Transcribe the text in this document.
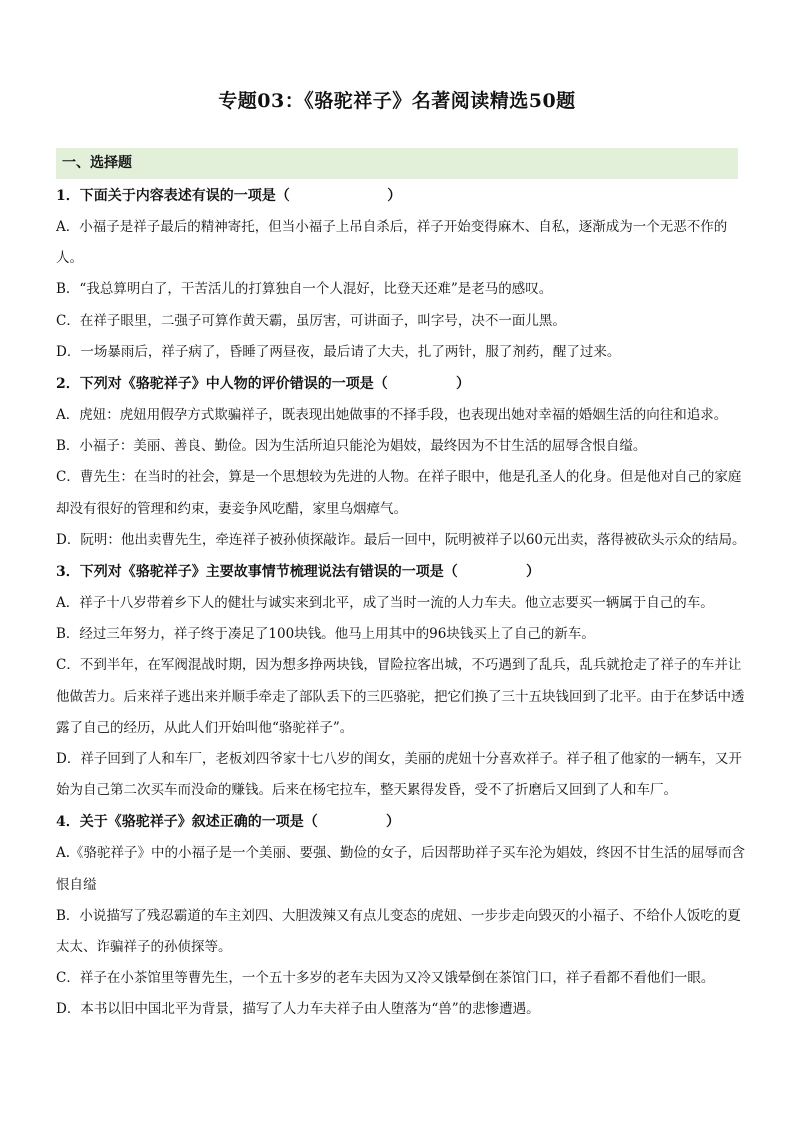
专题03：《骆驼祥子》名著阅读精选50题
一、选择题
1．下面关于内容表述有误的一项是（	）
A．小福子是祥子最后的精神寄托，但当小福子上吊自杀后，祥子开始变得麻木、自私，逐渐成为一个无恶不作的人。
B．“我总算明白了，干苦活儿的打算独自一个人混好，比登天还难”是老马的感叹。
C．在祥子眼里，二强子可算作黄天霸，虽厉害，可讲面子，叫字号，决不一面儿黑。
D．一场暴雨后，祥子病了，昏睡了两昼夜，最后请了大夫，扎了两针，服了剂药，醒了过来。
2．下列对《骆驼祥子》中人物的评价错误的一项是（	）
A．虎妞：虎妞用假孕方式欺骗祥子，既表现出她做事的不择手段，也表现出她对幸福的婚姻生活的向往和追求。
B．小福子：美丽、善良、勤俭。因为生活所迫只能沦为娼妓，最终因为不甘生活的屈辱含恨自缢。
C．曹先生：在当时的社会，算是一个思想较为先进的人物。在祥子眼中，他是孔圣人的化身。但是他对自己的家庭却没有很好的管理和约束，妻妾争风吃醋，家里乌烟瘴气。
D．阮明：他出卖曹先生，牵连祥子被孙侦探敲诈。最后一回中，阮明被祥子以60元出卖，落得被砍头示众的结局。
3．下列对《骆驼祥子》主要故事情节梳理说法有错误的一项是（	）
A．祥子十八岁带着乡下人的健壮与诚实来到北平，成了当时一流的人力车夫。他立志要买一辆属于自己的车。
B．经过三年努力，祥子终于凑足了100块钱。他马上用其中的96块钱买上了自己的新车。
C．不到半年，在军阀混战时期，因为想多挣两块钱，冒险拉客出城，不巧遇到了乱兵，乱兵就抢走了祥子的车并让他做苦力。后来祥子逃出来并顺手牵走了部队丢下的三匹骆驼，把它们换了三十五块钱回到了北平。由于在梦话中透露了自己的经历，从此人们开始叫他“骆驼祥子”。
D．祥子回到了人和车厂，老板刘四爷家十七八岁的闺女，美丽的虎妞十分喜欢祥子。祥子租了他家的一辆车，又开始为自己第二次买车而没命的赚钱。后来在杨宅拉车，整天累得发昏，受不了折磨后又回到了人和车厂。
4．关于《骆驼祥子》叙述正确的一项是（	）
A.《骆驼祥子》中的小福子是一个美丽、要强、勤俭的女子，后因帮助祥子买车沦为娼妓，终因不甘生活的屈辱而含恨自缢
B．小说描写了残忍霸道的车主刘四、大胆泼辣又有点儿变态的虎妞、一步步走向毁灭的小福子、不给仆人饭吃的夏太太、诈骗祥子的孙侦探等。
C．祥子在小茶馆里等曹先生，一个五十多岁的老车夫因为又冷又饿晕倒在茶馆门口，祥子看都不看他们一眼。
D．本书以旧中国北平为背景，描写了人力车夫祥子由人堕落为“兽”的悲惨遭遇。
